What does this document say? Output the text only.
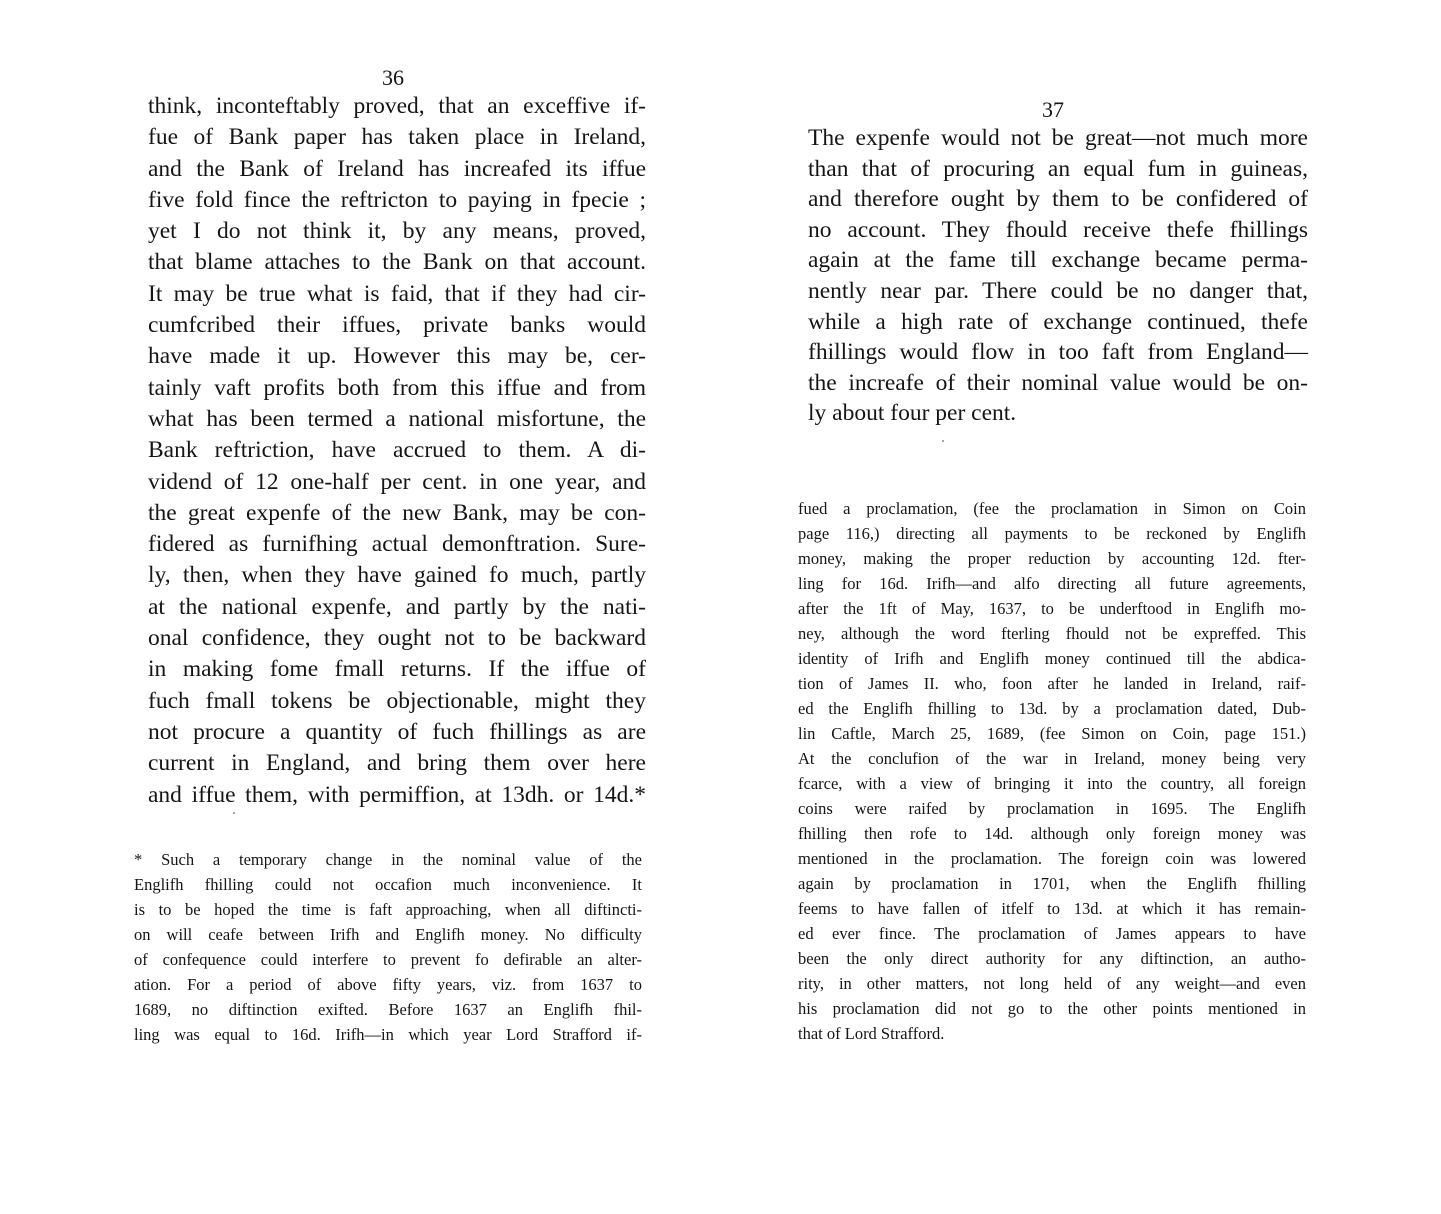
36
think, inconteftably proved, that an exceffive if-
fue of Bank paper has taken place in Ireland,
and the Bank of Ireland has increafed its iffue
five fold fince the reftricton to paying in fpecie ;
yet I do not think it, by any means, proved,
that blame attaches to the Bank on that account.
It may be true what is faid, that if they had cir-
cumfcribed their iffues, private banks would
have made it up. However this may be, cer-
tainly vaft profits both from this iffue and from
what has been termed a national misfortune, the
Bank reftriction, have accrued to them. A di-
vidend of 12 one-half per cent. in one year, and
the great expenfe of the new Bank, may be con-
fidered as furnifhing actual demonftration. Sure-
ly, then, when they have gained fo much, partly
at the national expenfe, and partly by the nati-
onal confidence, they ought not to be backward
in making fome fmall returns. If the iffue of
fuch fmall tokens be objectionable, might they
not procure a quantity of fuch fhillings as are
current in England, and bring them over here
and iffue them, with permiffion, at 13dh. or 14d.*
* Such a temporary change in the nominal value of the
Englifh fhilling could not occafion much inconvenience. It
is to be hoped the time is faft approaching, when all diftincti-
on will ceafe between Irifh and Englifh money. No difficulty
of confequence could interfere to prevent fo defirable an alter-
ation. For a period of above fifty years, viz. from 1637 to
1689, no diftinction exifted. Before 1637 an Englifh fhil-
ling was equal to 16d. Irifh—in which year Lord Strafford if-
37
The expenfe would not be great—not much more
than that of procuring an equal fum in guineas,
and therefore ought by them to be confidered of
no account. They fhould receive thefe fhillings
again at the fame till exchange became perma-
nently near par. There could be no danger that,
while a high rate of exchange continued, thefe
fhillings would flow in too faft from England—
the increafe of their nominal value would be on-
ly about four per cent.
fued a proclamation, (fee the proclamation in Simon on Coin
page 116,) directing all payments to be reckoned by Englifh
money, making the proper reduction by accounting 12d. fter-
ling for 16d. Irifh—and alfo directing all future agreements,
after the 1ft of May, 1637, to be underftood in Englifh mo-
ney, although the word fterling fhould not be expreffed. This
identity of Irifh and Englifh money continued till the abdica-
tion of James II. who, foon after he landed in Ireland, raif-
ed the Englifh fhilling to 13d. by a proclamation dated, Dub-
lin Caftle, March 25, 1689, (fee Simon on Coin, page 151.)
At the conclufion of the war in Ireland, money being very
fcarce, with a view of bringing it into the country, all foreign
coins were raifed by proclamation in 1695. The Englifh
fhilling then rofe to 14d. although only foreign money was
mentioned in the proclamation. The foreign coin was lowered
again by proclamation in 1701, when the Englifh fhilling
feems to have fallen of itfelf to 13d. at which it has remain-
ed ever fince. The proclamation of James appears to have
been the only direct authority for any diftinction, an autho-
rity, in other matters, not long held of any weight—and even
his proclamation did not go to the other points mentioned in
that of Lord Strafford.
